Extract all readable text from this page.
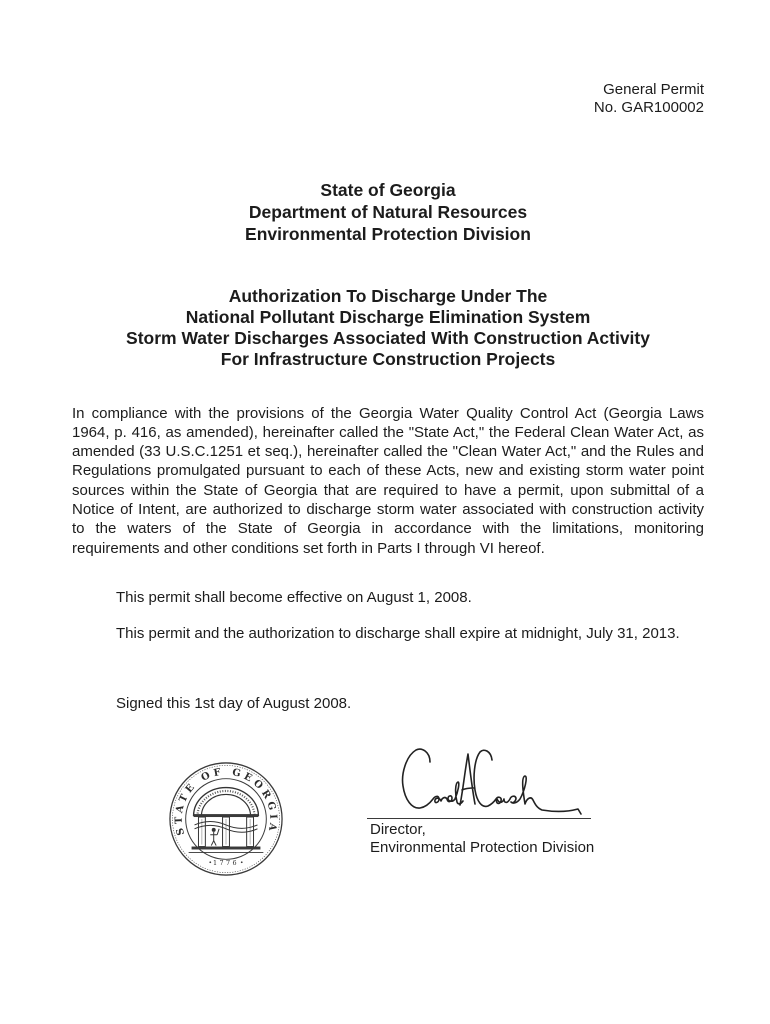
General Permit
No. GAR100002
State of Georgia
Department of Natural Resources
Environmental Protection Division
Authorization To Discharge Under The
National Pollutant Discharge Elimination System
Storm Water Discharges Associated With Construction Activity
For Infrastructure Construction Projects
In compliance with the provisions of the Georgia Water Quality Control Act (Georgia Laws
1964, p. 416, as amended), hereinafter called the "State Act," the Federal Clean Water Act, as
amended (33 U.S.C.1251 et seq.), hereinafter called the "Clean Water Act," and the Rules and
Regulations promulgated pursuant to each of these Acts, new and existing storm water point
sources within the State of Georgia that are required to have a permit, upon submittal of a
Notice of Intent, are authorized to discharge storm water associated with construction activity
to the waters of the State of Georgia in accordance with the limitations, monitoring
requirements and other conditions set forth in Parts I through VI hereof.
This permit shall become effective on August 1, 2008.
This permit and the authorization to discharge shall expire at midnight, July 31, 2013.
Signed this 1st day of August 2008.
STATE OF GEORGIA
1776
Director,
Environmental Protection Division
